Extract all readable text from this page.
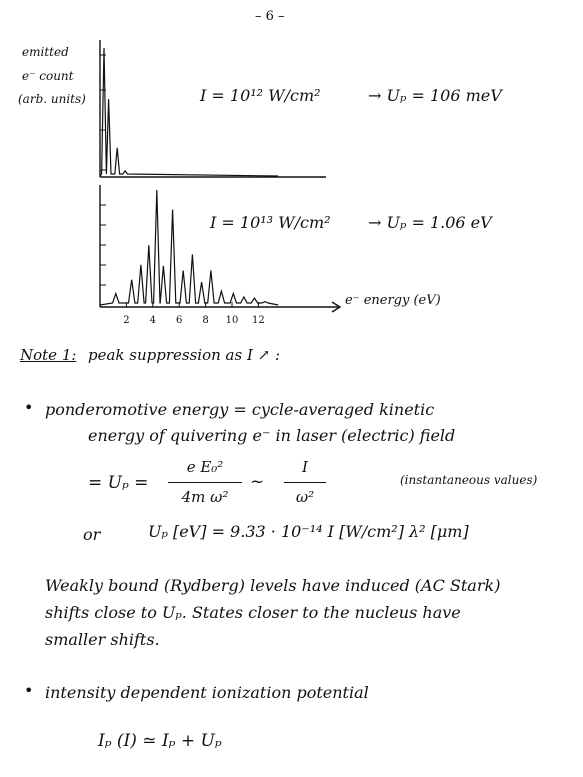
– 6 –
2 4 6 8 10 12
emitted
e⁻ count
(arb. units)	I = 10¹² W/cm²	→ Uₚ = 106 meV
I = 10¹³ W/cm² → Uₚ = 1.06 eV
e⁻ energy (eV)
Note 1: peak suppression as I ↗ :
• ponderomotive energy = cycle-averaged kinetic
energy of quivering e⁻ in laser (electric) field
= Uₚ =
e E₀²
4m ω²
~
I
ω²
(instantaneous values)
or	Uₚ [eV] = 9.33 · 10⁻¹⁴ I [W/cm²] λ² [μm]
Weakly bound (Rydberg) levels have induced (AC Stark)
shifts close to Uₚ. States closer to the nucleus have
smaller shifts.
• intensity dependent ionization potential
Iₚ (I) ≃ Iₚ + Uₚ
